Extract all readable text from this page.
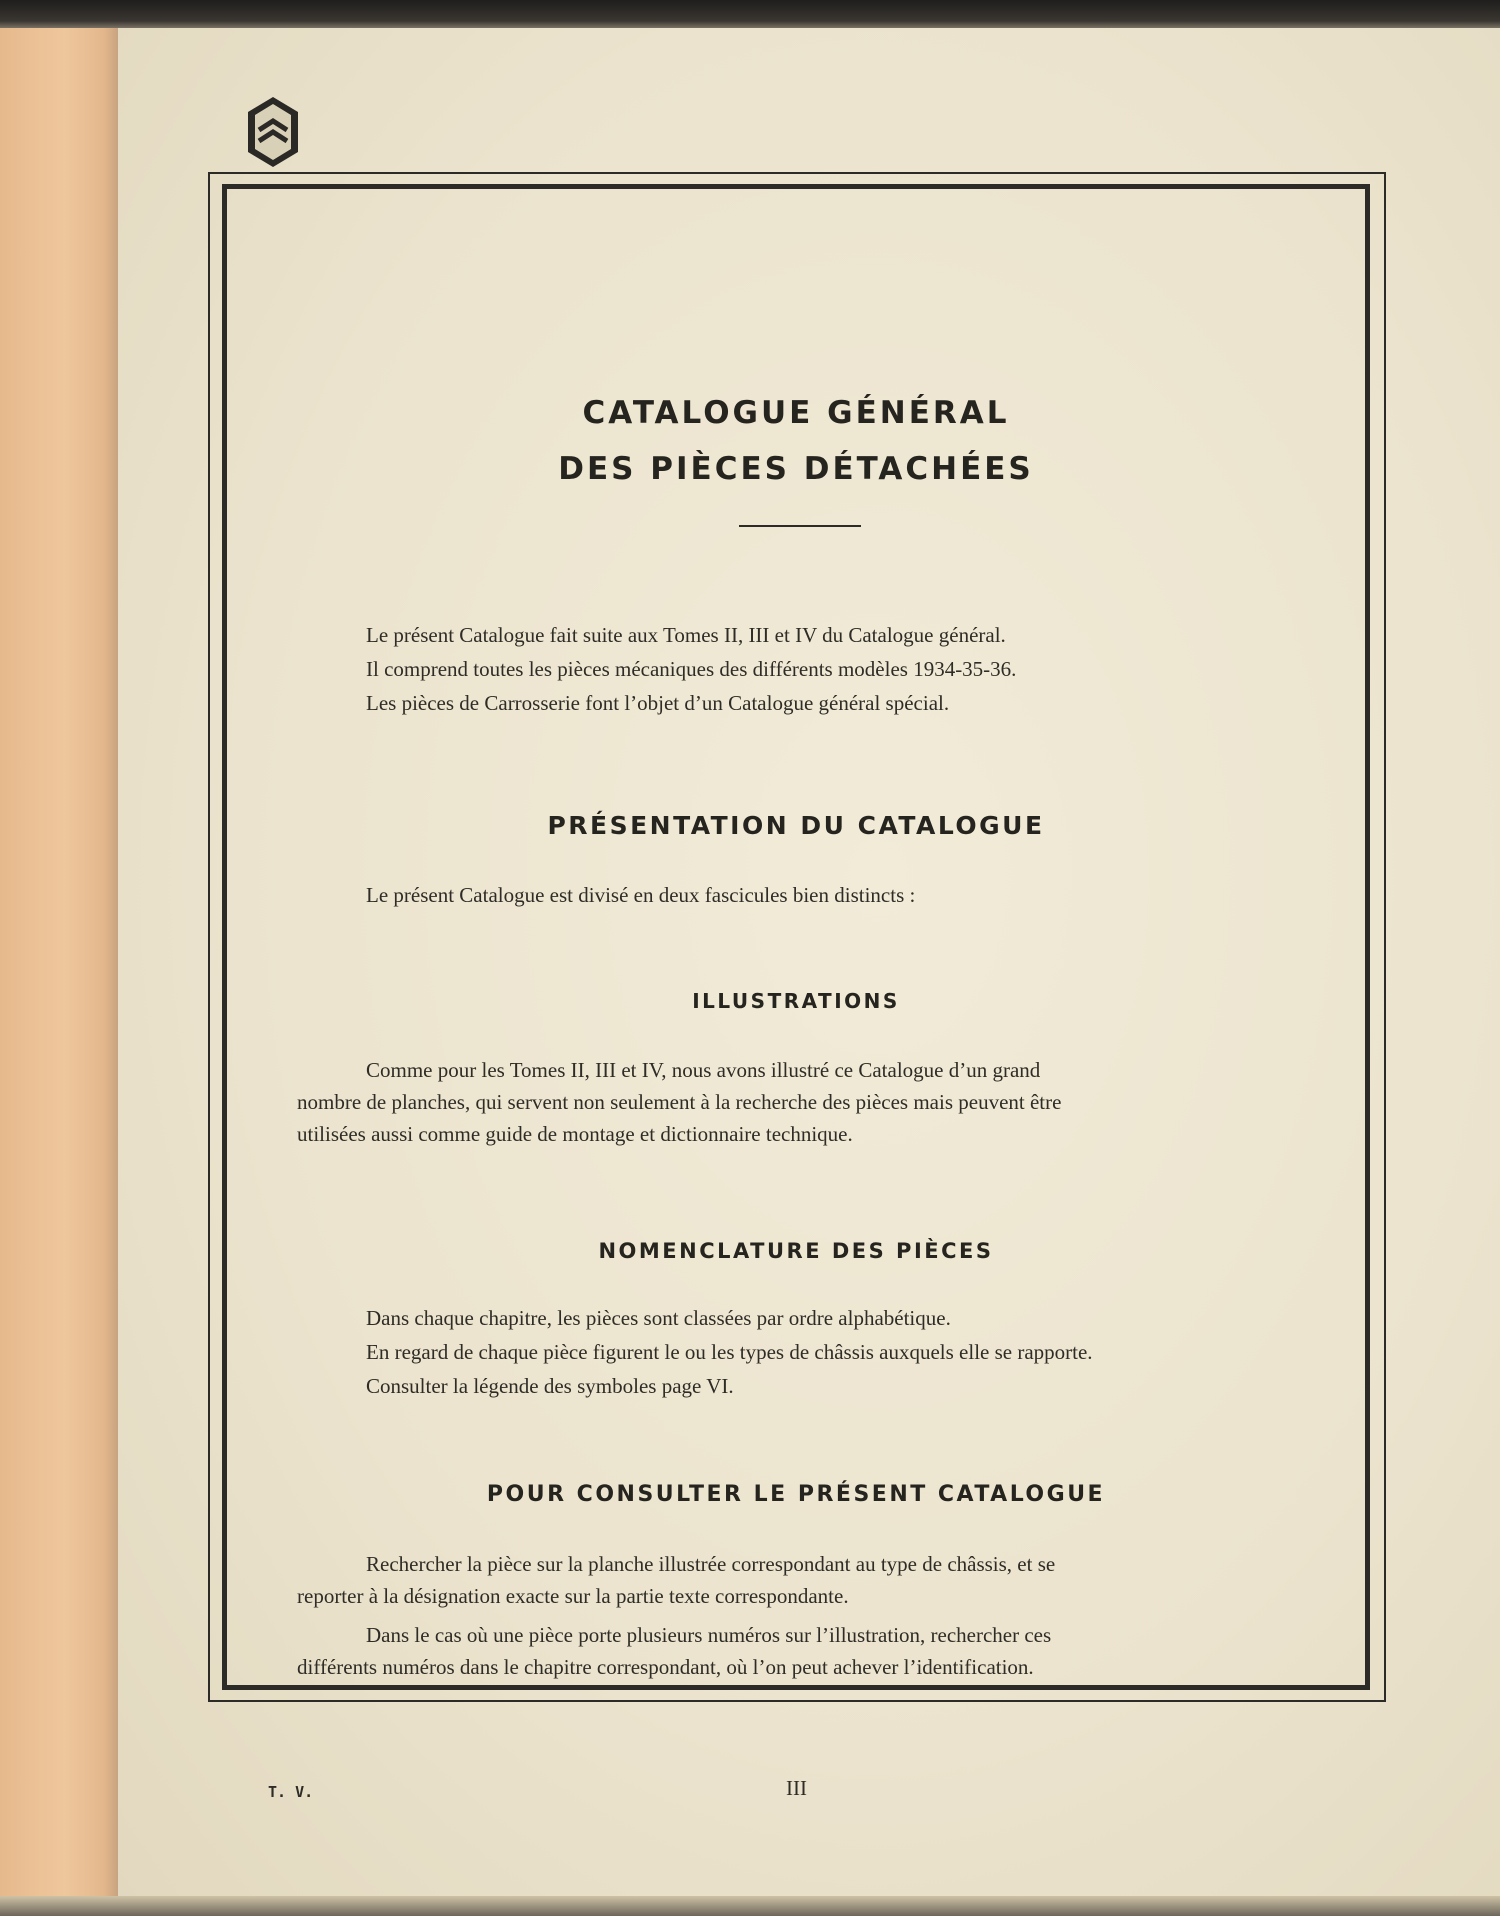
CATALOGUE GÉNÉRAL
DES PIÈCES DÉTACHÉES

Le présent Catalogue fait suite aux Tomes II, III et IV du Catalogue général.

Il comprend toutes les pièces mécaniques des différents modèles 1934-35-36.

Les pièces de Carrosserie font l’objet d’un Catalogue général spécial.

PRÉSENTATION DU CATALOGUE

Le présent Catalogue est divisé en deux fascicules bien distincts :

ILLUSTRATIONS

Comme pour les Tomes II, III et IV, nous avons illustré ce Catalogue d’un grand

nombre de planches, qui servent non seulement à la recherche des pièces mais peuvent être

utilisées aussi comme guide de montage et dictionnaire technique.

NOMENCLATURE DES PIÈCES

Dans chaque chapitre, les pièces sont classées par ordre alphabétique.

En regard de chaque pièce figurent le ou les types de châssis auxquels elle se rapporte.

Consulter la légende des symboles page VI.

POUR CONSULTER LE PRÉSENT CATALOGUE

Rechercher la pièce sur la planche illustrée correspondant au type de châssis, et se

reporter à la désignation exacte sur la partie texte correspondante.

Dans le cas où une pièce porte plusieurs numéros sur l’illustration, rechercher ces

différents numéros dans le chapitre correspondant, où l’on peut achever l’identification.

T. V.	III
